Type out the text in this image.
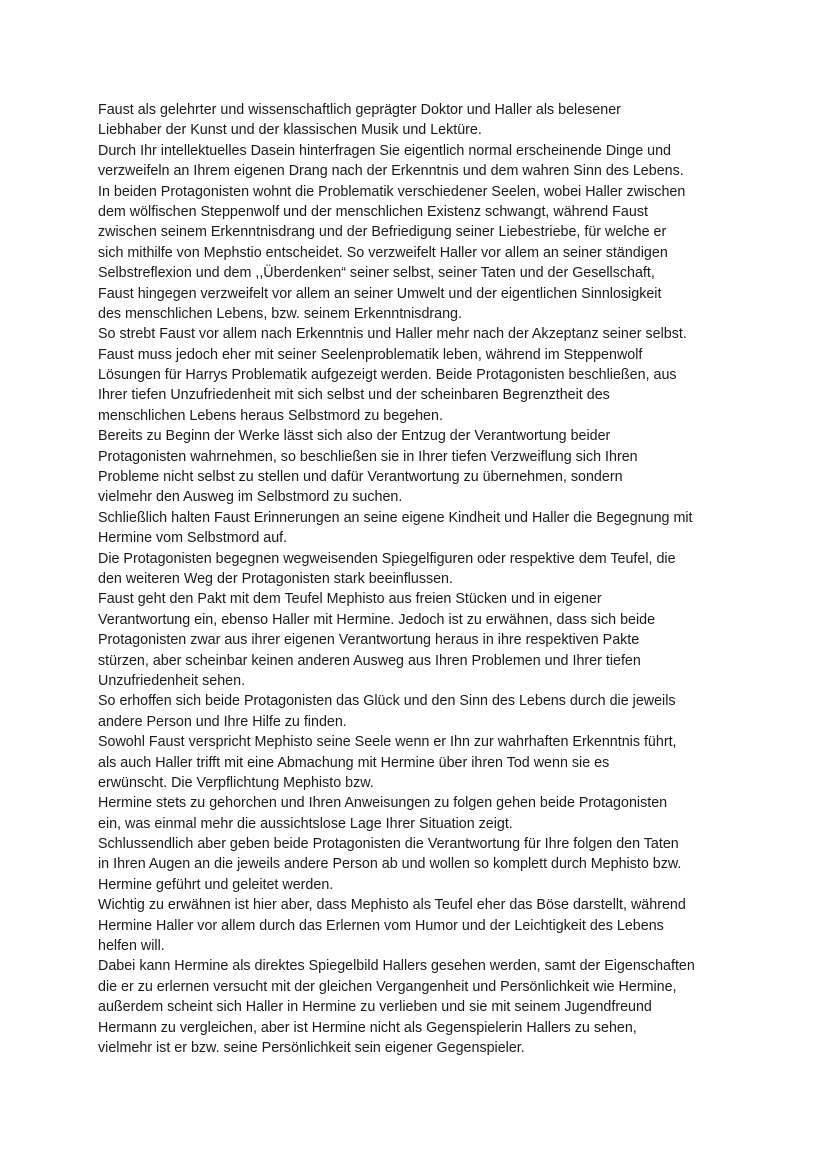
Faust als gelehrter und wissenschaftlich geprägter Doktor und Haller als belesener
Liebhaber der Kunst und der klassischen Musik und Lektüre.
Durch Ihr intellektuelles Dasein hinterfragen Sie eigentlich normal erscheinende Dinge und
verzweifeln an Ihrem eigenen Drang nach der Erkenntnis und dem wahren Sinn des Lebens.
In beiden Protagonisten wohnt die Problematik verschiedener Seelen, wobei Haller zwischen
dem wölfischen Steppenwolf und der menschlichen Existenz schwangt, während Faust
zwischen seinem Erkenntnisdrang und der Befriedigung seiner Liebestriebe, für welche er
sich mithilfe von Mephstio entscheidet. So verzweifelt Haller vor allem an seiner ständigen
Selbstreflexion und dem ,,Überdenken“ seiner selbst, seiner Taten und der Gesellschaft,
Faust hingegen verzweifelt vor allem an seiner Umwelt und der eigentlichen Sinnlosigkeit
des menschlichen Lebens, bzw. seinem Erkenntnisdrang.
So strebt Faust vor allem nach Erkenntnis und Haller mehr nach der Akzeptanz seiner selbst.
Faust muss jedoch eher mit seiner Seelenproblematik leben, während im Steppenwolf
Lösungen für Harrys Problematik aufgezeigt werden. Beide Protagonisten beschließen, aus
Ihrer tiefen Unzufriedenheit mit sich selbst und der scheinbaren Begrenztheit des
menschlichen Lebens heraus Selbstmord zu begehen.
Bereits zu Beginn der Werke lässt sich also der Entzug der Verantwortung beider
Protagonisten wahrnehmen, so beschließen sie in Ihrer tiefen Verzweiflung sich Ihren
Probleme nicht selbst zu stellen und dafür Verantwortung zu übernehmen, sondern
vielmehr den Ausweg im Selbstmord zu suchen.
Schließlich halten Faust Erinnerungen an seine eigene Kindheit und Haller die Begegnung mit
Hermine vom Selbstmord auf.
Die Protagonisten begegnen wegweisenden Spiegelfiguren oder respektive dem Teufel, die
den weiteren Weg der Protagonisten stark beeinflussen.
Faust geht den Pakt mit dem Teufel Mephisto aus freien Stücken und in eigener
Verantwortung ein, ebenso Haller mit Hermine. Jedoch ist zu erwähnen, dass sich beide
Protagonisten zwar aus ihrer eigenen Verantwortung heraus in ihre respektiven Pakte
stürzen, aber scheinbar keinen anderen Ausweg aus Ihren Problemen und Ihrer tiefen
Unzufriedenheit sehen.
So erhoffen sich beide Protagonisten das Glück und den Sinn des Lebens durch die jeweils
andere Person und Ihre Hilfe zu finden.
Sowohl Faust verspricht Mephisto seine Seele wenn er Ihn zur wahrhaften Erkenntnis führt,
als auch Haller trifft mit eine Abmachung mit Hermine über ihren Tod wenn sie es
erwünscht. Die Verpflichtung Mephisto bzw.
Hermine stets zu gehorchen und Ihren Anweisungen zu folgen gehen beide Protagonisten
ein, was einmal mehr die aussichtslose Lage Ihrer Situation zeigt.
Schlussendlich aber geben beide Protagonisten die Verantwortung für Ihre folgen den Taten
in Ihren Augen an die jeweils andere Person ab und wollen so komplett durch Mephisto bzw.
Hermine geführt und geleitet werden.
Wichtig zu erwähnen ist hier aber, dass Mephisto als Teufel eher das Böse darstellt, während
Hermine Haller vor allem durch das Erlernen vom Humor und der Leichtigkeit des Lebens
helfen will.
Dabei kann Hermine als direktes Spiegelbild Hallers gesehen werden, samt der Eigenschaften
die er zu erlernen versucht mit der gleichen Vergangenheit und Persönlichkeit wie Hermine,
außerdem scheint sich Haller in Hermine zu verlieben und sie mit seinem Jugendfreund
Hermann zu vergleichen, aber ist Hermine nicht als Gegenspielerin Hallers zu sehen,
vielmehr ist er bzw. seine Persönlichkeit sein eigener Gegenspieler.
